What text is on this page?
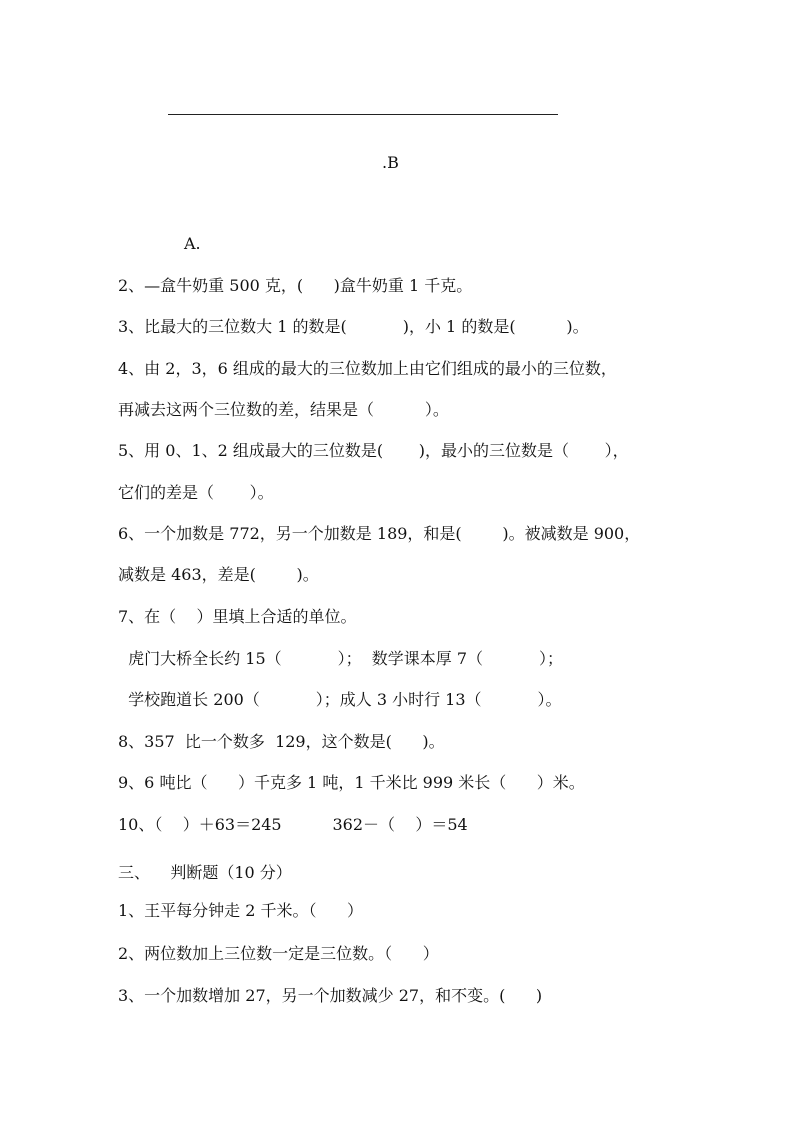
.B
A.
2、—盒牛奶重 500 克，(      )盒牛奶重 1 千克。
3、比最大的三位数大 1 的数是(           )，小 1 的数是(          )。
4、由 2，3，6 组成的最大的三位数加上由它们组成的最小的三位数，
再减去这两个三位数的差，结果是（          ）。
5、用 0、1、2 组成最大的三位数是(       )，最小的三位数是（       ），
它们的差是（       ）。
6、一个加数是 772，另一个加数是 189，和是(        )。被减数是 900，
减数是 463，差是(        )。
7、在（    ）里填上合适的单位。
虎门大桥全长约 15（           ）；  数学课本厚 7（           ）；
学校跑道长 200（           ）；成人 3 小时行 13（           ）。
8、357  比一个数多  129，这个数是(      )。
9、6 吨比（      ）千克多 1 吨，1 千米比 999 米长（      ）米。
10、（    ）＋63＝245          362－（    ）＝54
三、    判断题（10 分）
1、王平每分钟走 2 千米。（      ）
2、两位数加上三位数一定是三位数。（      ）
3、一个加数增加 27，另一个加数减少 27，和不变。(      )
